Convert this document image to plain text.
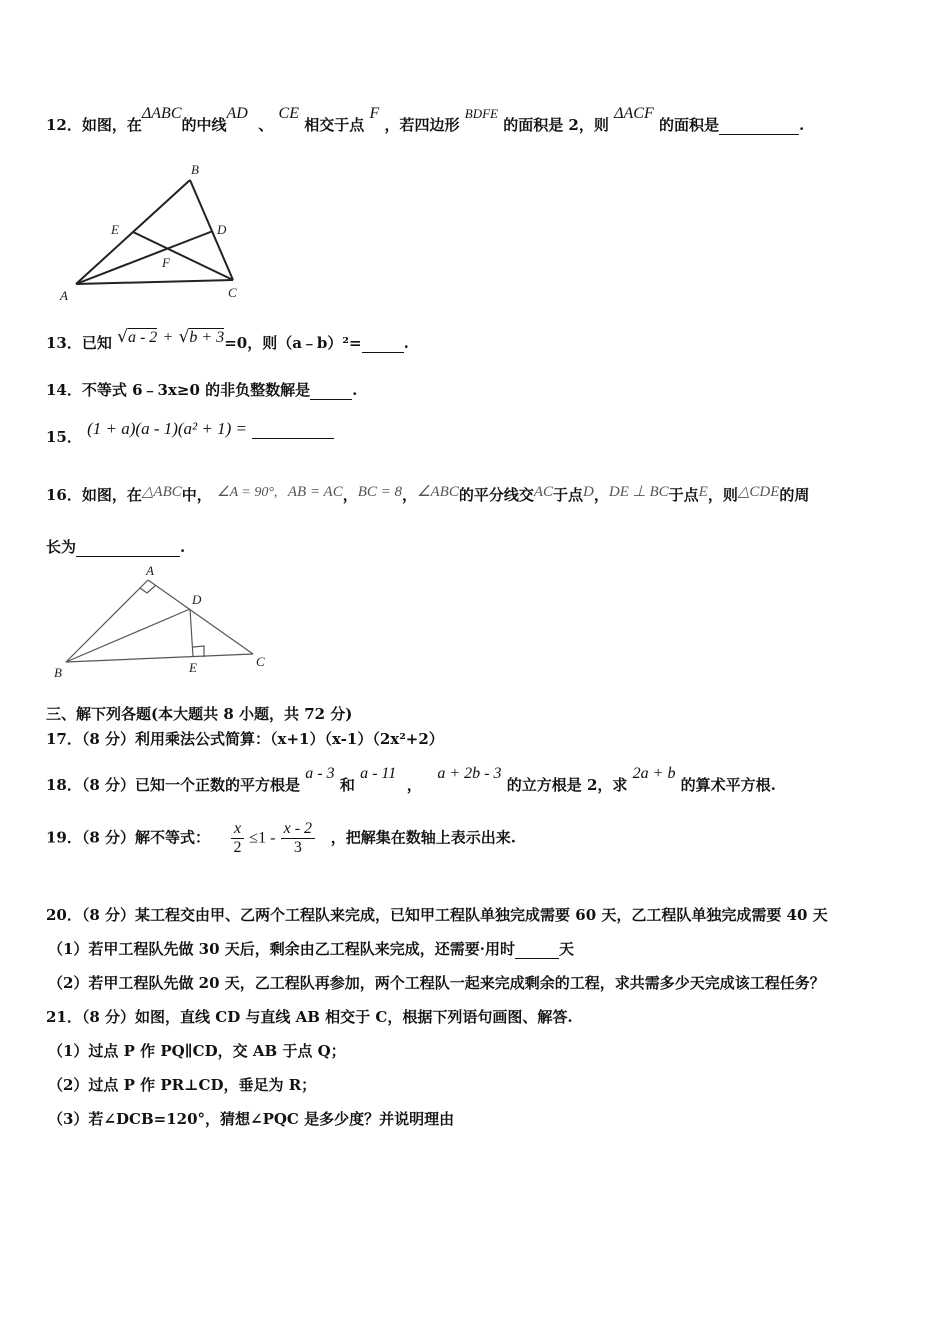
12．如图，在ΔABC的中线AD  、 CE 相交于点 F ，若四边形 BDFE 的面积是 2，则 ΔACF 的面积是	.
B
E	D
F
A	C
13．已知 √a - 2 + √b + 3=0，则（a﹣b）²=	.
14．不等式 6﹣3x≥0 的非负整数解是	.
15． (1 + a)(a - 1)(a² + 1) =
16．如图，在△ABC中， ∠A = 90°, AB = AC，BC = 8，∠ABC的平分线交AC于点D，DE ⊥ BC于点E，则△CDE的周
长为	.
A
D
B	E	C
三、解下列各题(本大题共 8 小题，共 72 分)
17．（8 分）利用乘法公式简算：（x+1）（x-1）（2x²+2）
18．（8 分）已知一个正数的平方根是 a - 3 和 a - 11  ，   a + 2b - 3 的立方根是 2，求 2a + b 的算术平方根.
19．（8 分）解不等式： $\frac{x}{2} \le 1 - \frac{x - 2}{3}$ ，把解集在数轴上表示出来.
20．（8 分）某工程交由甲、乙两个工程队来完成，已知甲工程队单独完成需要 60 天，乙工程队单独完成需要 40 天
（1）若甲工程队先做 30 天后，剩余由乙工程队来完成，还需要·用时	天
（2）若甲工程队先做 20 天，乙工程队再参加，两个工程队一起来完成剩余的工程，求共需多少天完成该工程任务？
21．（8 分）如图，直线 CD 与直线 AB 相交于 C，根据下列语句画图、解答.
（1）过点 P 作 PQ∥CD，交 AB 于点 Q；
（2）过点 P 作 PR⊥CD，垂足为 R；
（3）若∠DCB=120°，猜想∠PQC 是多少度？并说明理由
